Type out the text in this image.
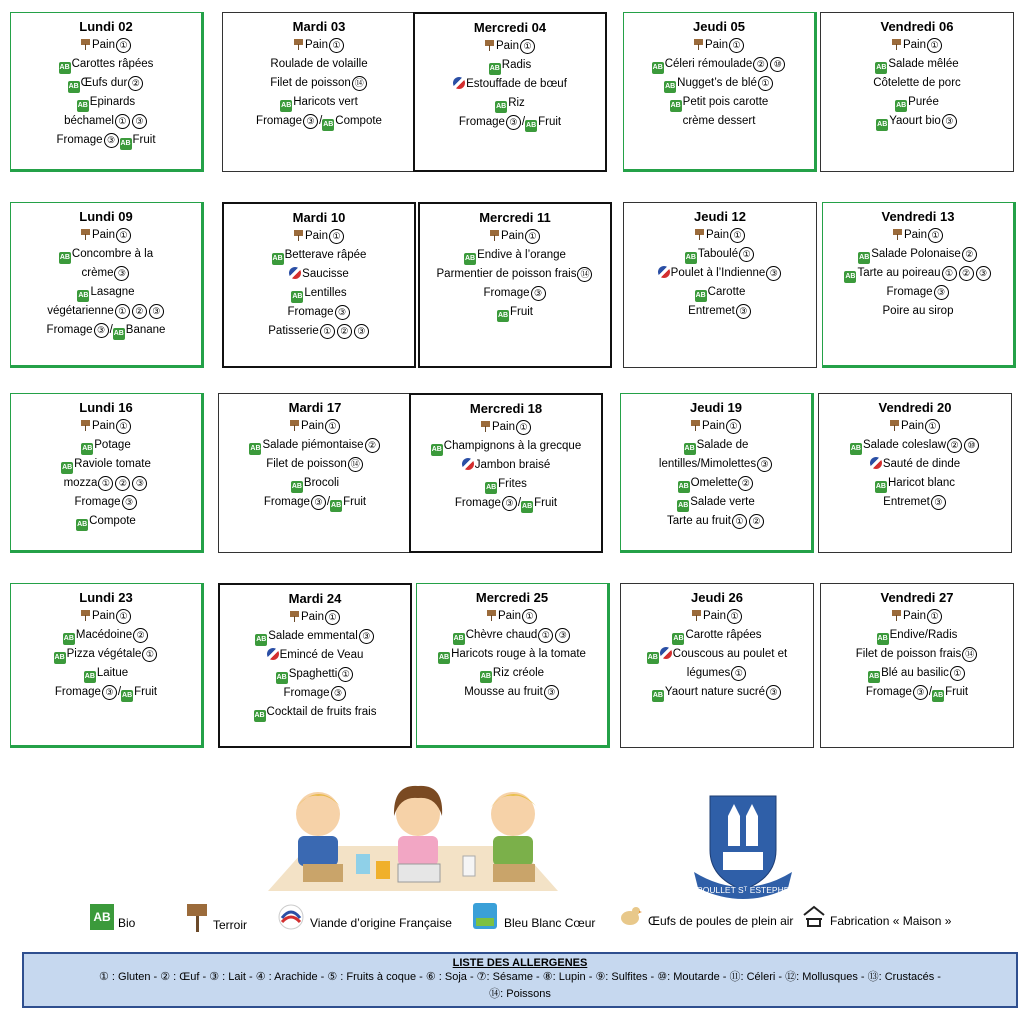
Lundi 02
Pain ①
AB Carottes râpées
AB Œufs dur ②
AB Epinards
béchamel ① ③
Fromage ③ AB Fruit
Mardi 03
Pain ①
Roulade de volaille
Filet de poisson ⑭
AB Haricots vert
Fromage ③ /AB Compote
Mercredi 04
Pain ①
AB Radis
Estouffade de bœuf
AB Riz
Fromage ③ /AB Fruit
Jeudi 05
Pain ①
AB Céleri rémoulade ② ⑩
AB Nugget’s de blé ①
AB Petit pois carotte
crème dessert
Vendredi 06
Pain ①
AB Salade mêlée
Côtelette de porc
AB Purée
AB Yaourt bio ③
Lundi 09
Pain ①
AB Concombre à la
crème ③
AB Lasagne
végétarienne ① ② ③
Fromage ③ /AB Banane
Mardi 10
Pain ①
AB Betterave râpée
Saucisse
AB Lentilles
Fromage ③
Patisserie ① ② ③
Mercredi 11
Pain ①
AB Endive à l’orange
Parmentier de poisson frais ⑭
Fromage ③
AB Fruit
Jeudi 12
Pain ①
AB Taboulé ①
Poulet à l’Indienne ③
AB Carotte
Entremet ③
Vendredi 13
Pain ①
AB Salade Polonaise ②
AB Tarte au poireau ① ② ③
Fromage ③
Poire au sirop
Lundi 16
Pain ①
AB Potage
AB Raviole tomate
mozza ① ② ③
Fromage ③
AB Compote
Mardi 17
Pain ①
AB Salade piémontaise ②
Filet de poisson ⑭
AB Brocoli
Fromage ③ /AB Fruit
Mercredi 18
Pain ①
AB Champignons à la grecque
Jambon braisé
AB Frites
Fromage ③ /AB Fruit
Jeudi 19
Pain ①
AB Salade de
lentilles/Mimolettes ③
AB Omelette ②
AB Salade verte
Tarte au fruit ① ②
Vendredi 20
Pain ①
AB Salade coleslaw ② ⑩
Sauté de dinde
AB Haricot blanc
Entremet ③
Lundi 23
Pain ①
AB Macédoine ②
AB Pizza végétale ①
AB Laitue
Fromage ③ /AB Fruit
Mardi 24
Pain ①
AB Salade emmental ③
Emincé de Veau
AB Spaghetti ①
Fromage ③
AB Cocktail de fruits frais
Mercredi 25
Pain ①
AB Chèvre chaud ① ③
AB Haricots rouge à la tomate
AB Riz créole
Mousse au fruit ③
Jeudi 26
Pain ①
AB Carotte râpées
AB Couscous au poulet et
légumes ①
AB Yaourt nature sucré ③
Vendredi 27
Pain ①
AB Endive/Radis
Filet de poisson frais ⑭
AB Blé au basilic ①
Fromage ③ /AB Fruit
ROULLET Sᵀ ESTEPHE
AB Bio	Terroir	Viande d’origine Française	Bleu Blanc Cœur	Œufs de poules de plein air	Fabrication « Maison »
LISTE DES ALLERGENES
① : Gluten - ② : Œuf - ③ : Lait - ④ : Arachide - ⑤ : Fruits à coque - ⑥ : Soja - ⑦: Sésame - ⑧: Lupin - ⑨: Sulfites - ⑩: Moutarde - ⑪: Céleri - ⑫: Mollusques - ⑬: Crustacés -
⑭: Poissons
